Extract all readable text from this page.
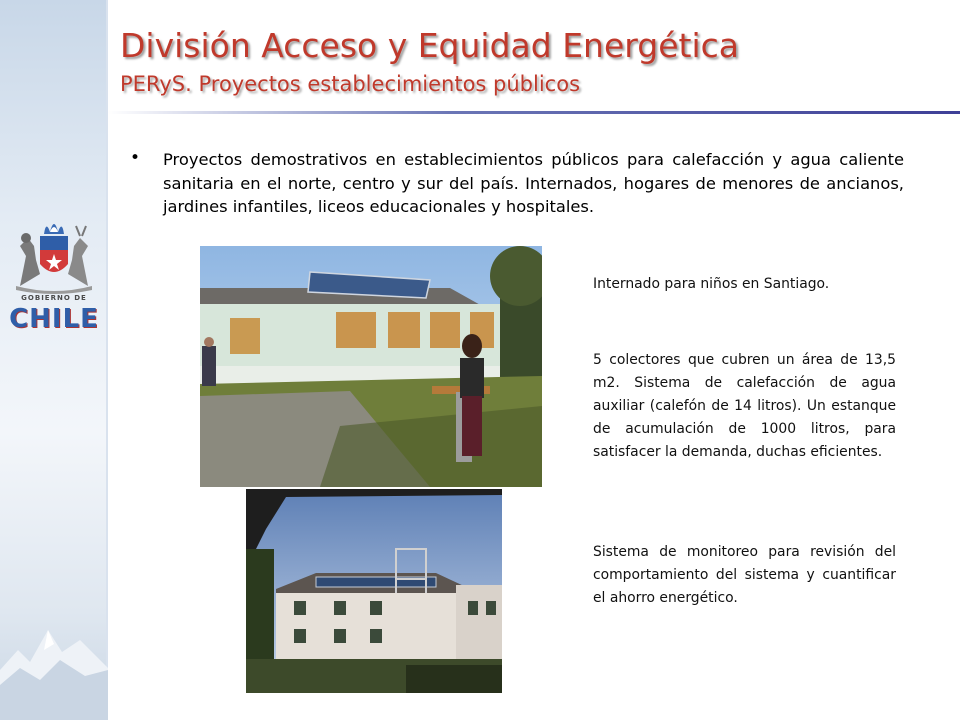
GOBIERNO DE
CHILE
División Acceso y Equidad Energética
PERyS. Proyectos establecimientos públicos
• Proyectos demostrativos en establecimientos públicos para calefacción y agua caliente sanitaria en el norte, centro y sur del país. Internados, hogares de menores de ancianos, jardines infantiles, liceos educacionales y hospitales.

Internado para niños en Santiago.

5 colectores que cubren un área de 13,5 m2. Sistema de calefacción de agua auxiliar (calefón de 14 litros). Un estanque de acumulación de 1000 litros, para satisfacer la demanda, duchas eficientes.

Sistema de monitoreo para revisión del comportamiento del sistema y cuantificar el ahorro energético.
